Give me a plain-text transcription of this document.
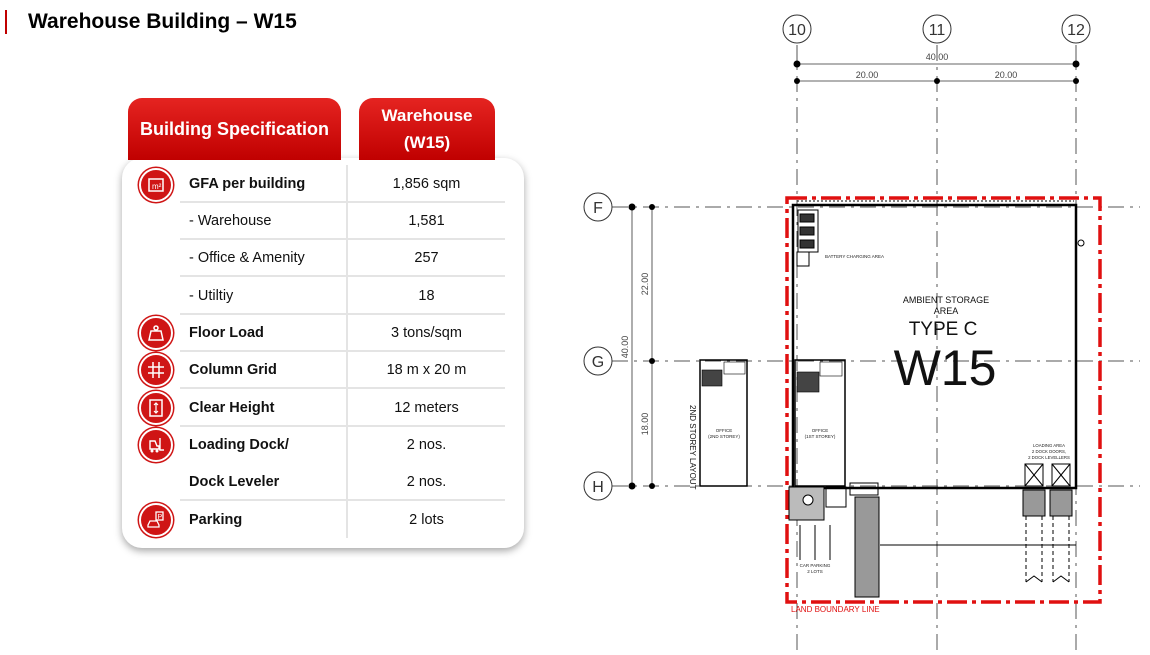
Warehouse Building – W15
Building Specification
Warehouse
(W15)
GFA per building	1,856 sqm
- Warehouse	1,581
- Office & Amenity	257
- Utiltiy	18
Floor Load	3 tons/sqm
Column Grid	18 m x 20 m
Clear Height	12 meters
Loading Dock/	2 nos.
Dock Leveler	2 nos.
Parking	2 lots
m²
P
10	11	12
F
G
H
40.00
20.00	20.00
40.00
22.00
18.00
BATTERY CHARGING AREA
AMBIENT STORAGE
AREA
TYPE C
W15
OFFICE
(1ST STOREY)
OFFICE
(2ND STOREY)
2ND STOREY LAYOUT
CAR PARKING
2 LOTS
LOADING AREA
2 DOCK DOORS,
2 DOCK LEVELLERS
LAND BOUNDARY LINE
